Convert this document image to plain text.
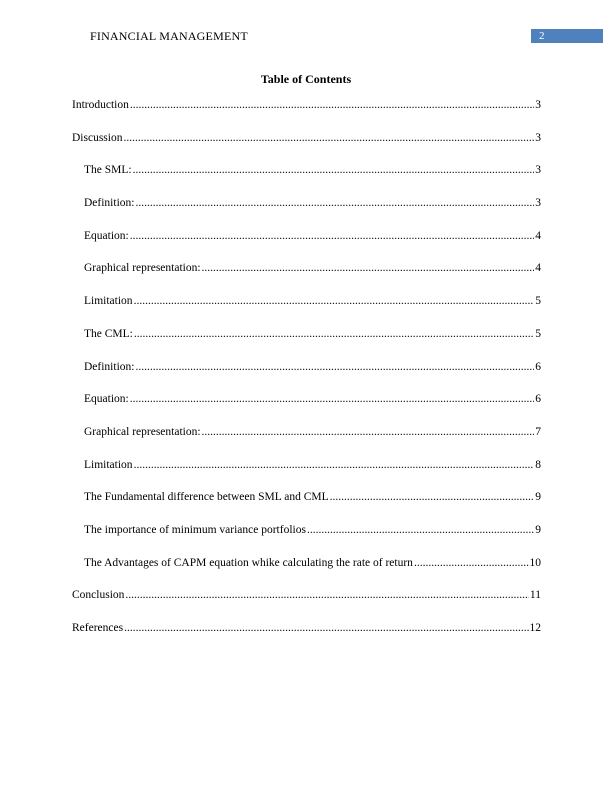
FINANCIAL MANAGEMENT	2
Table of Contents
Introduction .....	3
Discussion .....	3
The SML: .....	3
Definition: .....	3
Equation: .....	4
Graphical representation: .....	4
Limitation .....	5
The CML: .....	5
Definition: .....	6
Equation: .....	6
Graphical representation: .....	7
Limitation .....	8
The Fundamental difference between SML and CML .....	9
The importance of minimum variance portfolios .....	9
The Advantages of CAPM equation whike calculating the rate of return .....	10
Conclusion .....	11
References .....	12
